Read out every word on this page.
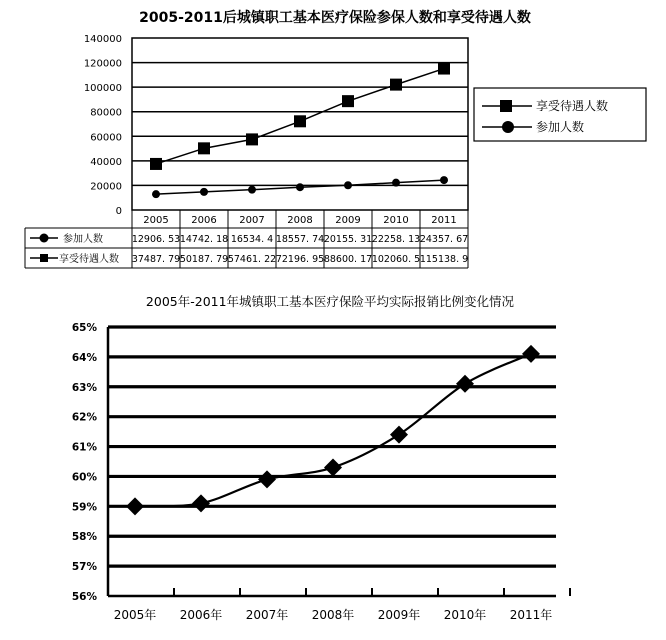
2005-2011后城镇职工基本医疗保险参保人数和享受待遇人数
0
20000
40000
60000
80000
100000
120000
140000
享受待遇人数
参加人数
2005 2006 2007 2008 2009 2010 2011
参加人数
享受待遇人数
12906. 53 14742. 18 16534. 4 18557. 74 20155. 31 22258. 13 24357. 67
37487. 79 50187. 79 57461. 22 72196. 95 88600. 17 102060. 5 115138. 9
2005年-2011年城镇职工基本医疗保险平均实际报销比例变化情况
56%
57%
58%
59%
60%
61%
62%
63%
64%
65%
2005年 2006年 2007年 2008年 2009年 2010年 2011年
